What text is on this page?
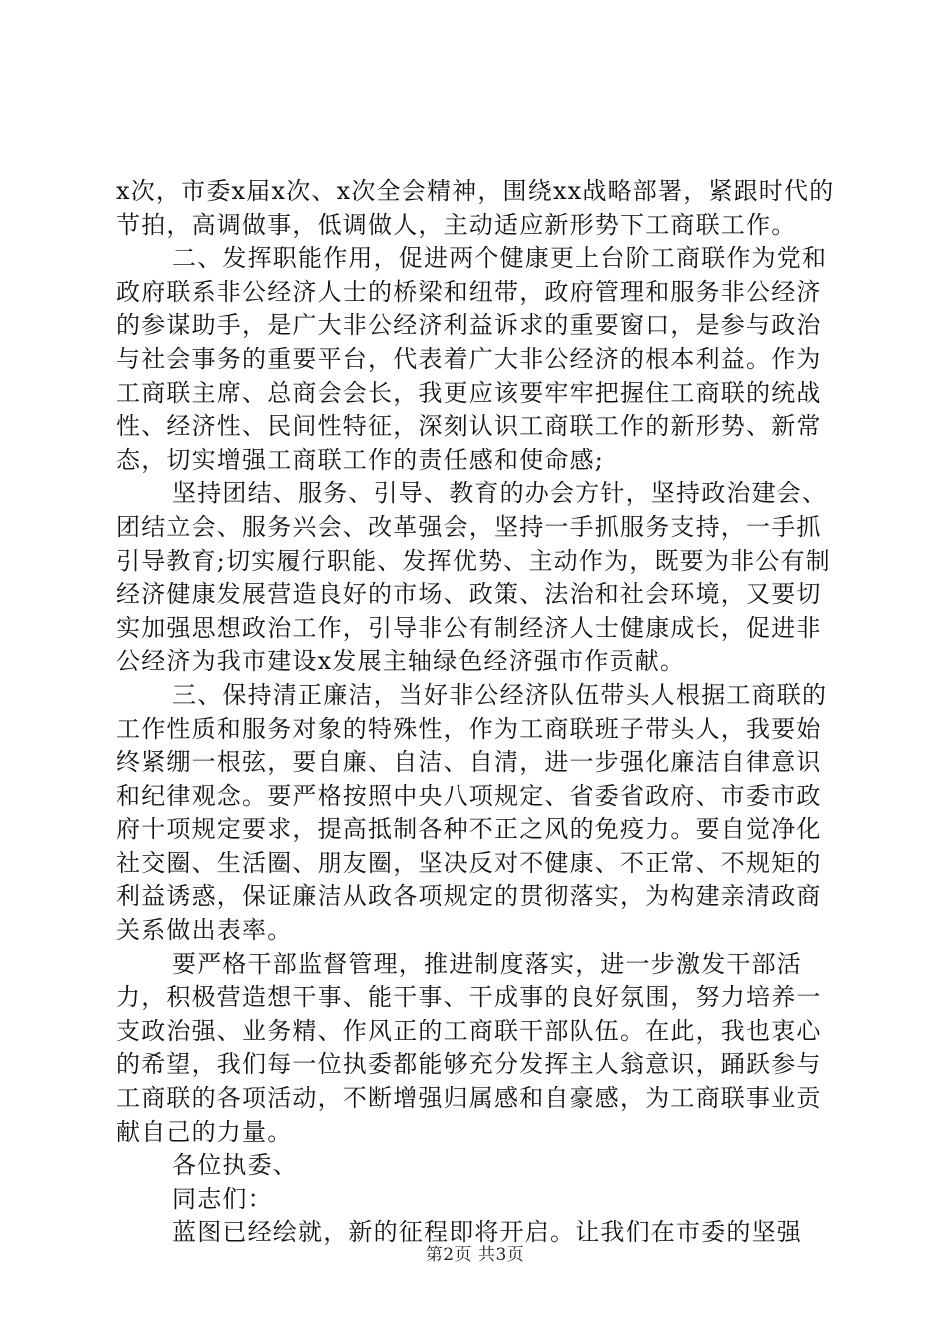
x次，市委x届x次、x次全会精神，围绕xx战略部署，紧跟时代的节拍，高调做事，低调做人，主动适应新形势下工商联工作。

二、发挥职能作用，促进两个健康更上台阶工商联作为党和政府联系非公经济人士的桥梁和纽带，政府管理和服务非公经济的参谋助手，是广大非公经济利益诉求的重要窗口，是参与政治与社会事务的重要平台，代表着广大非公经济的根本利益。作为工商联主席、总商会会长，我更应该要牢牢把握住工商联的统战性、经济性、民间性特征，深刻认识工商联工作的新形势、新常态，切实增强工商联工作的责任感和使命感;

坚持团结、服务、引导、教育的办会方针，坚持政治建会、团结立会、服务兴会、改革强会，坚持一手抓服务支持，一手抓引导教育;切实履行职能、发挥优势、主动作为，既要为非公有制经济健康发展营造良好的市场、政策、法治和社会环境，又要切实加强思想政治工作，引导非公有制经济人士健康成长，促进非公经济为我市建设x发展主轴绿色经济强市作贡献。

三、保持清正廉洁，当好非公经济队伍带头人根据工商联的工作性质和服务对象的特殊性，作为工商联班子带头人，我要始终紧绷一根弦，要自廉、自洁、自清，进一步强化廉洁自律意识和纪律观念。要严格按照中央八项规定、省委省政府、市委市政府十项规定要求，提高抵制各种不正之风的免疫力。要自觉净化社交圈、生活圈、朋友圈，坚决反对不健康、不正常、不规矩的利益诱惑，保证廉洁从政各项规定的贯彻落实，为构建亲清政商关系做出表率。

要严格干部监督管理，推进制度落实，进一步激发干部活力，积极营造想干事、能干事、干成事的良好氛围，努力培养一支政治强、业务精、作风正的工商联干部队伍。在此，我也衷心的希望，我们每一位执委都能够充分发挥主人翁意识，踊跃参与工商联的各项活动，不断增强归属感和自豪感，为工商联事业贡献自己的力量。

各位执委、

同志们：

蓝图已经绘就，新的征程即将开启。让我们在市委的坚强

第2页 共3页
